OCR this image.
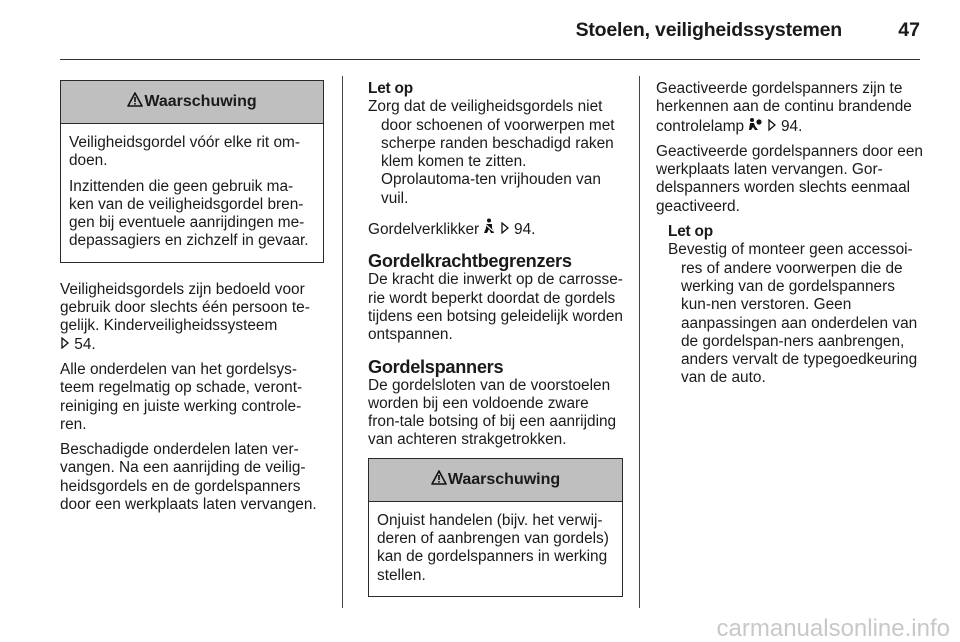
Stoelen, veiligheidssystemen	47
Waarschuwing

Veiligheidsgordel vóór elke rit om-doen.

Inzittenden die geen gebruik ma-ken van de veiligheidsgordel bren-gen bij eventuele aanrijdingen me-depassagiers en zichzelf in gevaar.

Veiligheidsgordels zijn bedoeld voor gebruik door slechts één persoon te-gelijk. Kinderveiligheidssysteem
54.

Alle onderdelen van het gordelsys-teem regelmatig op schade, veront-reiniging en juiste werking controle-ren.

Beschadigde onderdelen laten ver-vangen. Na een aanrijding de veilig-heidsgordels en de gordelspanners door een werkplaats laten vervangen.

Let op
Zorg dat de veiligheidsgordels niet door schoenen of voorwerpen met scherpe randen beschadigd raken klem komen te zitten. Oprolautoma-ten vrijhouden van vuil.

Gordelverklikker 94.

Gordelkrachtbegrenzers

De kracht die inwerkt op de carrosse-rie wordt beperkt doordat de gordels tijdens een botsing geleidelijk worden ontspannen.

Gordelspanners

De gordelsloten van de voorstoelen worden bij een voldoende zware fron-tale botsing of bij een aanrijding van achteren strakgetrokken.

Waarschuwing

Onjuist handelen (bijv. het verwij-deren of aanbrengen van gordels) kan de gordelspanners in werking stellen.

Geactiveerde gordelspanners zijn te herkennen aan de continu brandende controlelamp 94.

Geactiveerde gordelspanners door een werkplaats laten vervangen. Gor-delspanners worden slechts eenmaal geactiveerd.

Let op
Bevestig of monteer geen accessoi-res of andere voorwerpen die de werking van de gordelspanners kun-nen verstoren. Geen aanpassingen aan onderdelen van de gordelspan-ners aanbrengen, anders vervalt de typegoedkeuring van de auto.
carmanualsonline.info
